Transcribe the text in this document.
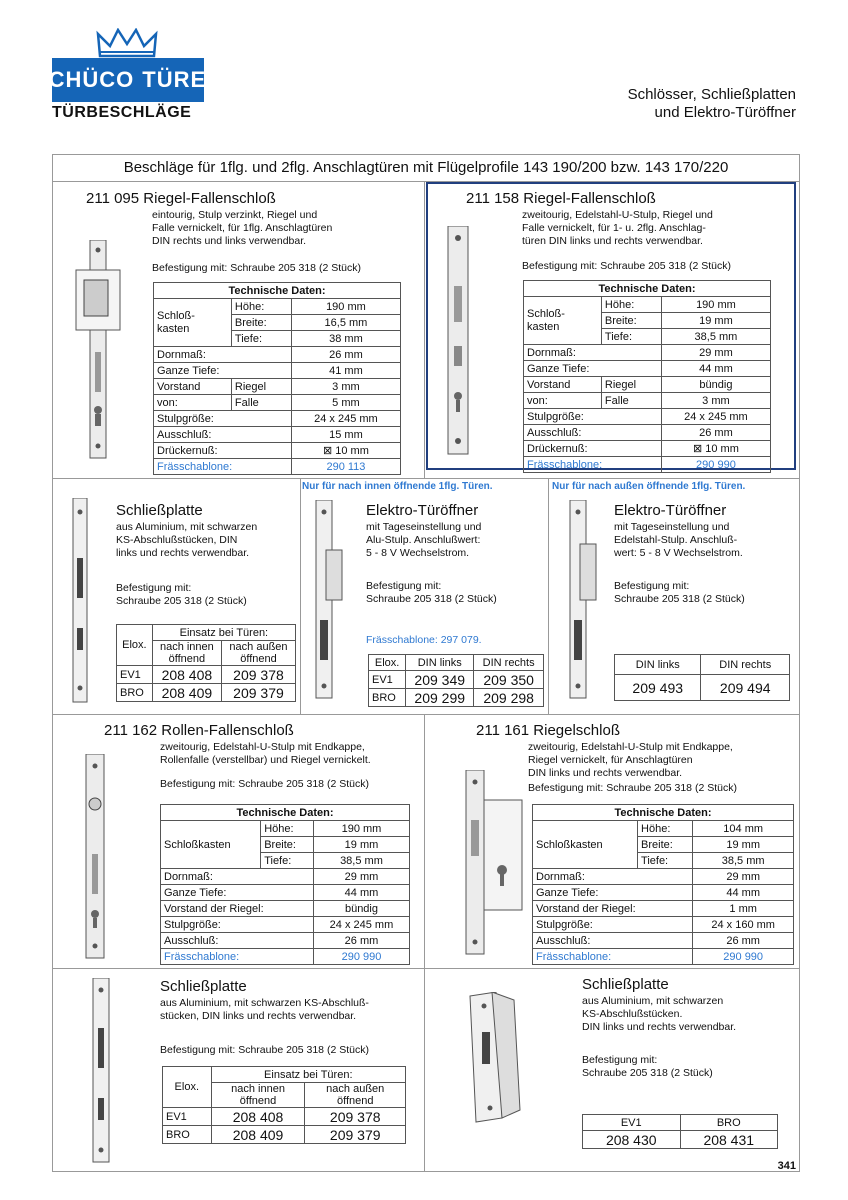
SCHÜCO TÜREN
TÜRBESCHLÄGE
Schlösser, Schließplatten
und Elektro-Türöffner
Beschläge für 1flg. und 2flg. Anschlagtüren mit Flügelprofile 143 190/200 bzw. 143 170/220
211 095 Riegel-Fallenschloß
eintourig, Stulp verzinkt, Riegel und
Falle vernickelt, für 1flg. Anschlagtüren
DIN rechts und links verwendbar.
Befestigung mit: Schraube 205 318 (2 Stück)
Technische Daten:		
Schloß-
kasten	Höhe:	190 mm
	Breite:	16,5 mm
	Tiefe:	38 mm
Dornmaß:		26 mm
Ganze Tiefe:		41 mm
Vorstand	Riegel	3 mm
von:	Falle	5 mm
Stulpgröße:		24 x 245 mm
Ausschluß:		15 mm
Drückernuß:		⊠ 10 mm
Frässchablone:		290 113
211 158 Riegel-Fallenschloß
zweitourig, Edelstahl-U-Stulp, Riegel und
Falle vernickelt, für 1- u. 2flg. Anschlag-
türen DIN links und rechts verwendbar.
Befestigung mit: Schraube 205 318 (2 Stück)
Technische Daten:		
Schloß-
kasten	Höhe:	190 mm
	Breite:	19 mm
	Tiefe:	38,5 mm
Dornmaß:		29 mm
Ganze Tiefe:		44 mm
Vorstand	Riegel	bündig
von:	Falle	3 mm
Stulpgröße:		24 x 245 mm
Ausschluß:		26 mm
Drückernuß:		⊠ 10 mm
Frässchablone:		290 990
Schließplatte
aus Aluminium, mit schwarzen
KS-Abschlußstücken, DIN
links und rechts verwendbar.
Befestigung mit:
Schraube 205 318 (2 Stück)
Elox.	Einsatz bei Türen:	
	nach innen
öffnend	nach außen
öffnend
EV1	208 408	209 378
BRO	208 409	209 379
Nur für nach innen öffnende 1flg. Türen.
Elektro-Türöffner
mit Tageseinstellung und
Alu-Stulp. Anschlußwert:
5 - 8 V Wechselstrom.
Befestigung mit:
Schraube 205 318 (2 Stück)
Frässchablone: 297 079.
Elox.	DIN links	DIN rechts
EV1	209 349	209 350
BRO	209 299	209 298
Nur für nach außen öffnende 1flg. Türen.
Elektro-Türöffner
mit Tageseinstellung und
Edelstahl-Stulp. Anschluß-
wert: 5 - 8 V Wechselstrom.
Befestigung mit:
Schraube 205 318 (2 Stück)
DIN links	DIN rechts
209 493	209 494
211 162 Rollen-Fallenschloß
zweitourig, Edelstahl-U-Stulp mit Endkappe,
Rollenfalle (verstellbar) und Riegel vernickelt.
Befestigung mit: Schraube 205 318 (2 Stück)
Technische Daten:		
Schloßkasten	Höhe:	190 mm
	Breite:	19 mm
	Tiefe:	38,5 mm
Dornmaß:		29 mm
Ganze Tiefe:		44 mm
Vorstand der Riegel:		bündig
Stulpgröße:		24 x 245 mm
Ausschluß:		26 mm
Frässchablone:		290 990
211 161 Riegelschloß
zweitourig, Edelstahl-U-Stulp mit Endkappe,
Riegel vernickelt, für Anschlagtüren
DIN links und rechts verwendbar.
Befestigung mit: Schraube 205 318 (2 Stück)
Technische Daten:		
Schloßkasten	Höhe:	104 mm
	Breite:	19 mm
	Tiefe:	38,5 mm
Dornmaß:		29 mm
Ganze Tiefe:		44 mm
Vorstand der Riegel:		1 mm
Stulpgröße:		24 x 160 mm
Ausschluß:		26 mm
Frässchablone:		290 990
Schließplatte
aus Aluminium, mit schwarzen KS-Abschluß-
stücken, DIN links und rechts verwendbar.
Befestigung mit: Schraube 205 318 (2 Stück)
Elox.	Einsatz bei Türen:	
	nach innen
öffnend	nach außen
öffnend
EV1	208 408	209 378
BRO	208 409	209 379
Schließplatte
aus Aluminium, mit schwarzen
KS-Abschlußstücken.
DIN links und rechts verwendbar.
Befestigung mit:
Schraube 205 318 (2 Stück)
EV1	BRO
208 430	208 431
341
